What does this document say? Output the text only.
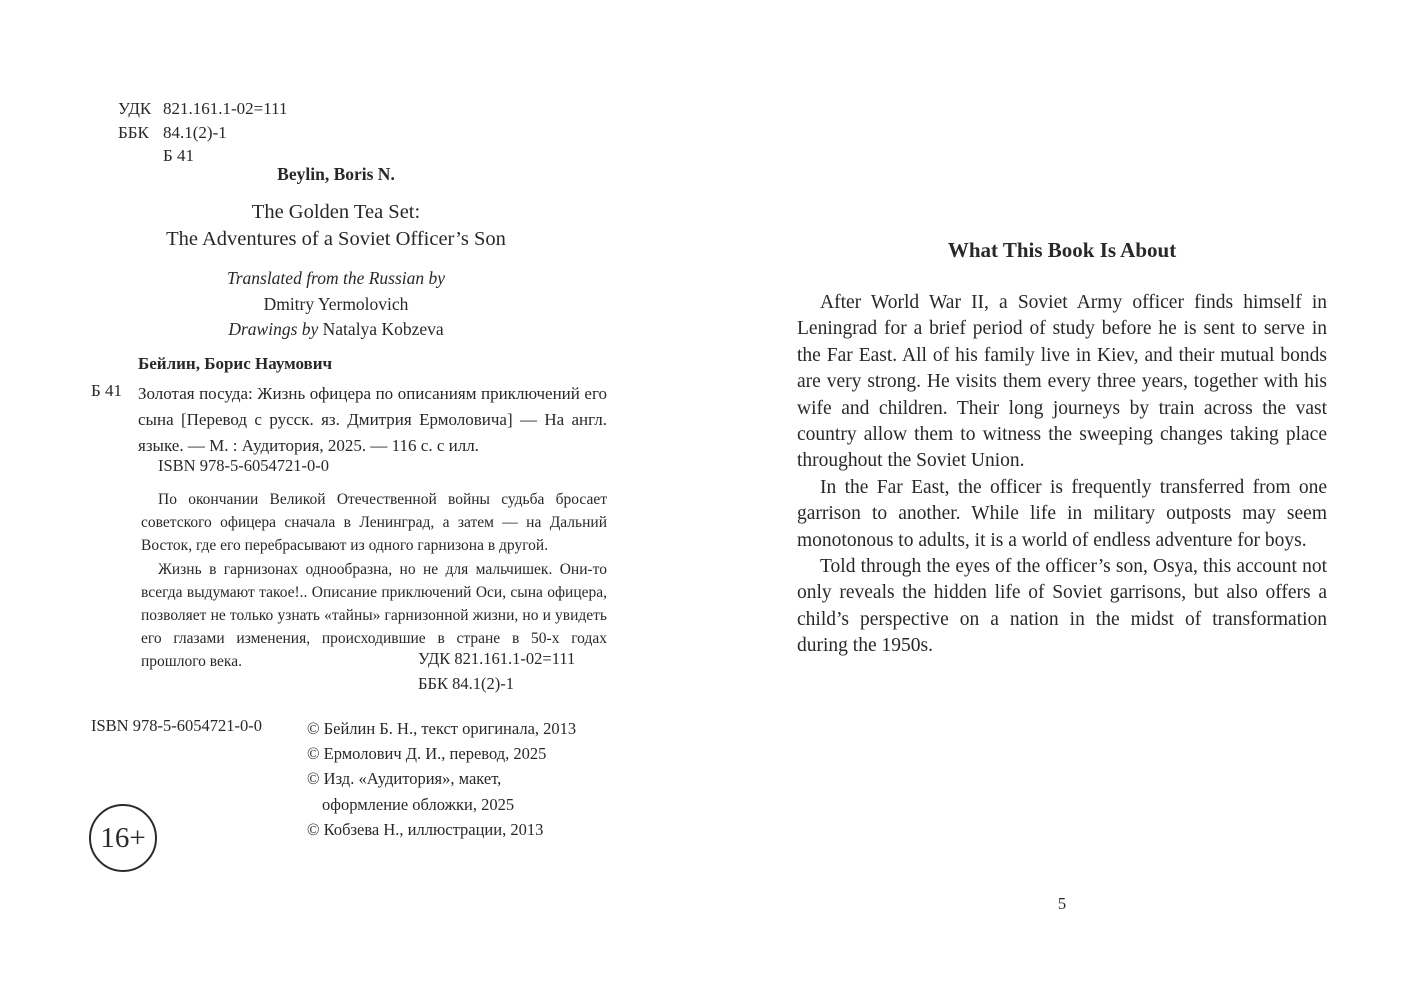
УДК 821.161.1-02=111
ББК 84.1(2)-1
Б 41
Beylin, Boris N.
The Golden Tea Set:
The Adventures of a Soviet Officer’s Son
Translated from the Russian by
Dmitry Yermolovich
Drawings by Natalya Kobzeva
Бейлин, Борис Наумович
Б 41 Золотая посуда: Жизнь офицера по описаниям приключений его сына [Перевод с русск. яз. Дмитрия Ермоловича] — На англ. языке. — М. : Аудитория, 2025. — 116 с. с илл.

ISBN 978-5-6054721-0-0

По окончании Великой Отечественной войны судьба бросает советского офицера сначала в Ленинград, а затем — на Дальний Восток, где его перебрасывают из одного гарнизона в другой.

Жизнь в гарнизонах однообразна, но не для мальчишек. Они-то всегда выдумают такое!.. Описание приключений Оси, сына офицера, позволяет не только узнать «тайны» гарнизонной жизни, но и увидеть его глазами изменения, происходившие в стране в 50-х годах прошлого века.	УДК 821.161.1-02=111
ББК 84.1(2)-1
ISBN 978-5-6054721-0-0	© Бейлин Б. Н., текст оригинала, 2013
© Ермолович Д. И., перевод, 2025
© Изд. «Аудитория», макет,
оформление обложки, 2025
© Кобзева Н., иллюстрации, 2013
16+
What This Book Is About

After World War II, a Soviet Army officer finds himself in Leningrad for a brief period of study before he is sent to serve in the Far East. All of his family live in Kiev, and their mutual bonds are very strong. He visits them every three years, together with his wife and children. Their long journeys by train across the vast country allow them to witness the sweeping changes taking place throughout the Soviet Union.

In the Far East, the officer is frequently transferred from one garrison to another. While life in military outposts may seem monotonous to adults, it is a world of endless adventure for boys.

Told through the eyes of the officer’s son, Osya, this account not only reveals the hidden life of Soviet garrisons, but also offers a child’s perspective on a nation in the midst of transformation during the 1950s.

5
